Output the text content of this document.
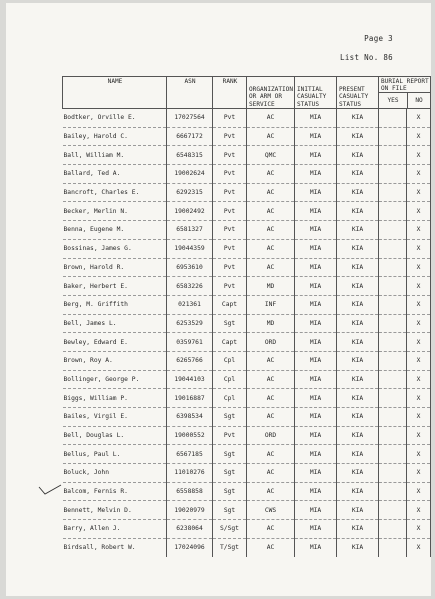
Page 3
List No. 86
NAME	ASN	RANK	ORGANIZATION OR ARM OR SERVICE	INITIAL CASUALTY STATUS	PRESENT CASUALTY STATUS	BURIAL REPORT ON FILE
YES NO	

Bodtker, Orville E.	17027564	Pvt	AC	MIA	KIA		X
Bailey, Harold C.	6667172	Pvt	AC	MIA	KIA		X
Ball, William M.	6548315	Pvt	QMC	MIA	KIA		X
Ballard, Ted A.	19002624	Pvt	AC	MIA	KIA		X
Bancroft, Charles E.	6292315	Pvt	AC	MIA	KIA		X
Becker, Merlin N.	19002492	Pvt	AC	MIA	KIA		X
Benna, Eugene M.	6581327	Pvt	AC	MIA	KIA		X
Bossinas, James G.	19044359	Pvt	AC	MIA	KIA		X
Brown, Harold R.	6953610	Pvt	AC	MIA	KIA		X
Baker, Herbert E.	6583226	Pvt	MD	MIA	KIA		X
Berg, M. Griffith	021361	Capt	INF	MIA	KIA		X
Bell, James L.	6253529	Sgt	MD	MIA	KIA		X
Bewley, Edward E.	0359761	Capt	ORD	MIA	KIA		X
Brown, Roy A.	6265766	Cpl	AC	MIA	KIA		X
Bollinger, George P.	19044103	Cpl	AC	MIA	KIA		X
Biggs, William P.	19016887	Cpl	AC	MIA	KIA		X
Bailes, Virgil E.	6398534	Sgt	AC	MIA	KIA		X
Bell, Douglas L.	19000552	Pvt	ORD	MIA	KIA		X
Bellus, Paul L.	6567185	Sgt	AC	MIA	KIA		X
Boluck, John	11010276	Sgt	AC	MIA	KIA		X
Balcom, Fernis R.	6558858	Sgt	AC	MIA	KIA		X
Bennett, Melvin D.	19020979	Sgt	CWS	MIA	KIA		X
Barry, Allen J.	6238064	S/Sgt	AC	MIA	KIA		X
Birdsall, Robert W.	17024096	T/Sgt	AC	MIA	KIA		X
